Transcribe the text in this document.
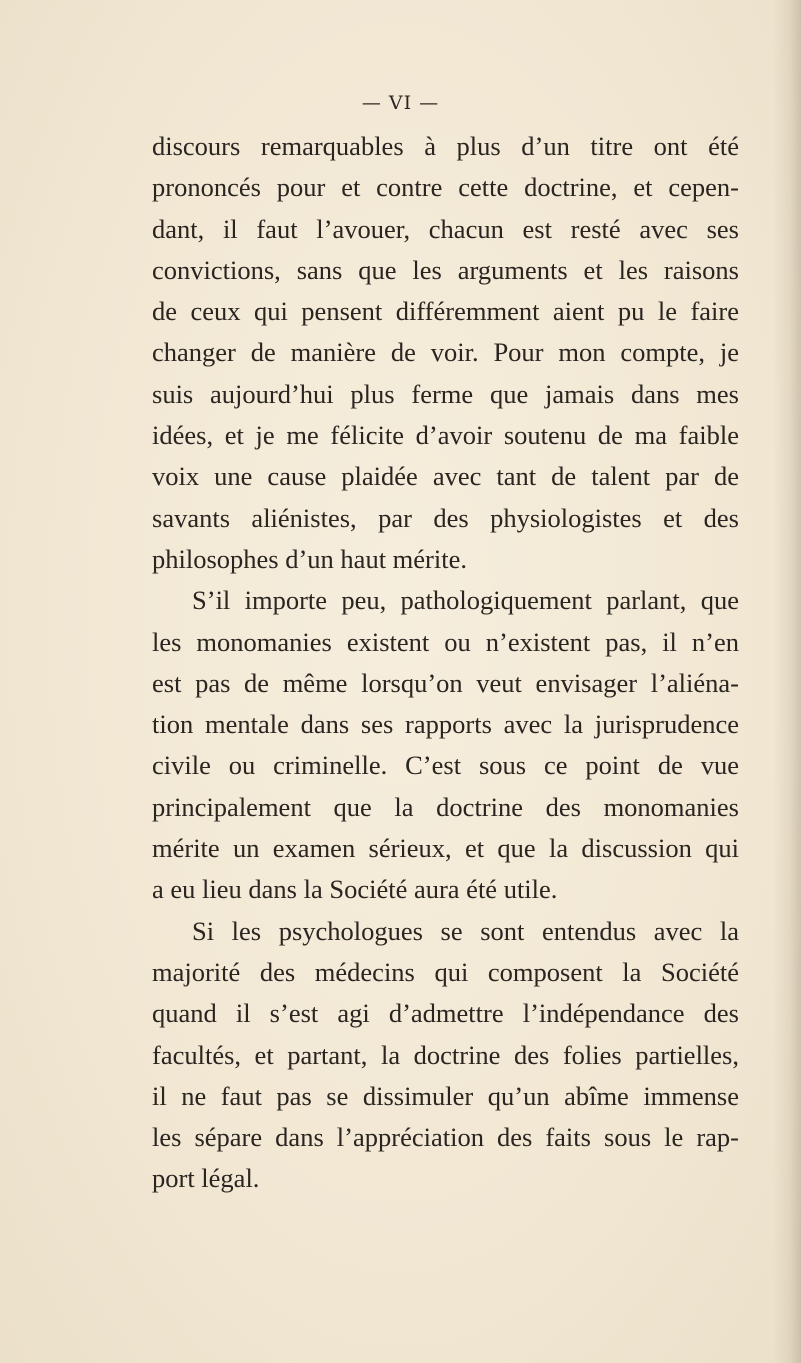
— VI —
discours remarquables à plus d’un titre ont été
prononcés pour et contre cette doctrine, et cepen-
dant, il faut l’avouer, chacun est resté avec ses
convictions, sans que les arguments et les raisons
de ceux qui pensent différemment aient pu le faire
changer de manière de voir. Pour mon compte, je
suis aujourd’hui plus ferme que jamais dans mes
idées, et je me félicite d’avoir soutenu de ma faible
voix une cause plaidée avec tant de talent par de
savants aliénistes, par des physiologistes et des
philosophes d’un haut mérite.
S’il importe peu, pathologiquement parlant, que
les monomanies existent ou n’existent pas, il n’en
est pas de même lorsqu’on veut envisager l’aliéna-
tion mentale dans ses rapports avec la jurisprudence
civile ou criminelle. C’est sous ce point de vue
principalement que la doctrine des monomanies
mérite un examen sérieux, et que la discussion qui
a eu lieu dans la Société aura été utile.
Si les psychologues se sont entendus avec la
majorité des médecins qui composent la Société
quand il s’est agi d’admettre l’indépendance des
facultés, et partant, la doctrine des folies partielles,
il ne faut pas se dissimuler qu’un abîme immense
les sépare dans l’appréciation des faits sous le rap-
port légal.
